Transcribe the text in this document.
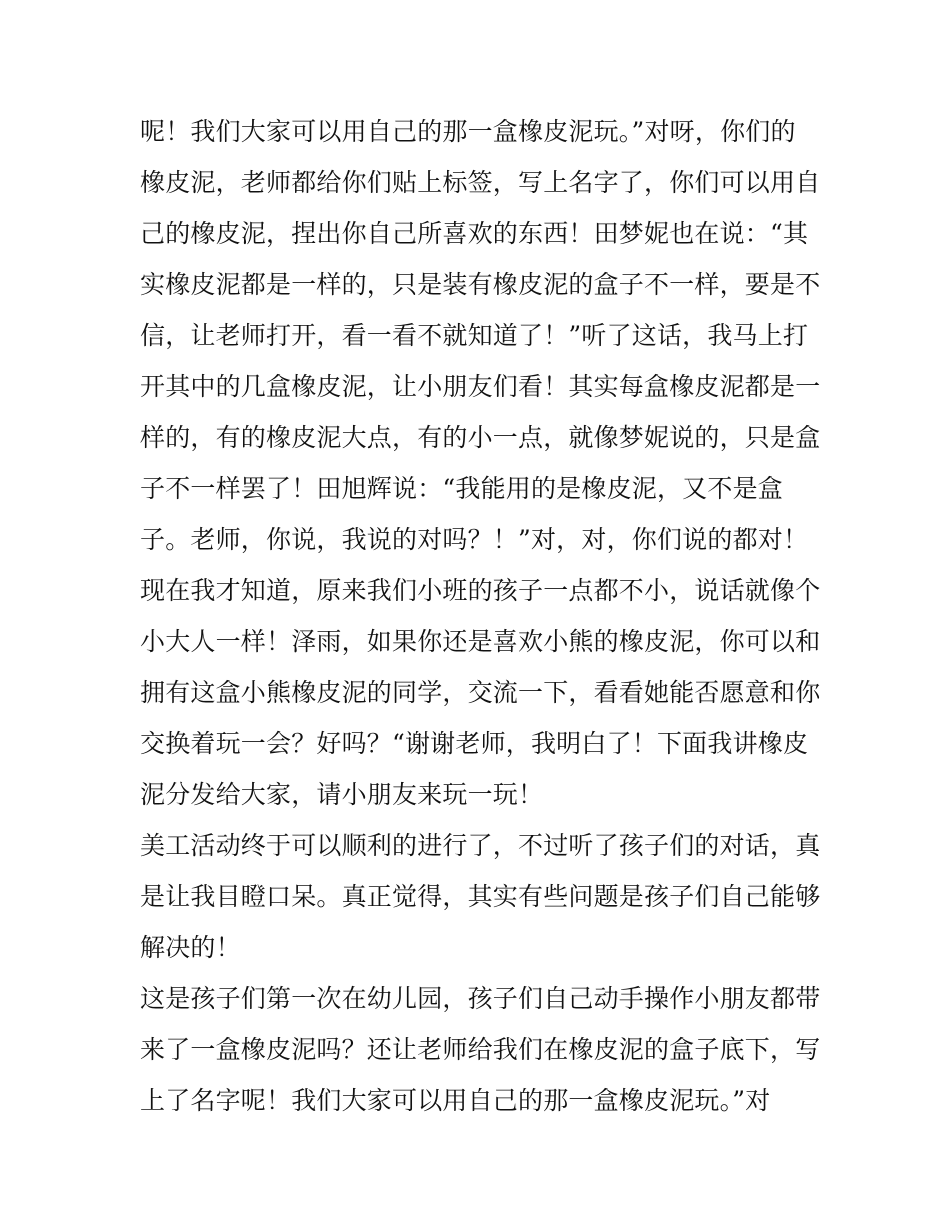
呢！我们大家可以用自己的那一盒橡皮泥玩。”对呀，你们的
橡皮泥，老师都给你们贴上标签，写上名字了，你们可以用自
己的橡皮泥，捏出你自己所喜欢的东西！田梦妮也在说：“其
实橡皮泥都是一样的，只是装有橡皮泥的盒子不一样，要是不
信，让老师打开，看一看不就知道了！”听了这话，我马上打
开其中的几盒橡皮泥，让小朋友们看！其实每盒橡皮泥都是一
样的，有的橡皮泥大点，有的小一点，就像梦妮说的，只是盒
子不一样罢了！田旭辉说：“我能用的是橡皮泥，又不是盒
子。老师，你说，我说的对吗？！”对，对，你们说的都对！
现在我才知道，原来我们小班的孩子一点都不小，说话就像个
小大人一样！泽雨，如果你还是喜欢小熊的橡皮泥，你可以和
拥有这盒小熊橡皮泥的同学，交流一下，看看她能否愿意和你
交换着玩一会？好吗？“谢谢老师，我明白了！下面我讲橡皮
泥分发给大家，请小朋友来玩一玩！
美工活动终于可以顺利的进行了，不过听了孩子们的对话，真
是让我目瞪口呆。真正觉得，其实有些问题是孩子们自己能够
解决的！
这是孩子们第一次在幼儿园，孩子们自己动手操作小朋友都带
来了一盒橡皮泥吗？还让老师给我们在橡皮泥的盒子底下，写
上了名字呢！我们大家可以用自己的那一盒橡皮泥玩。”对
